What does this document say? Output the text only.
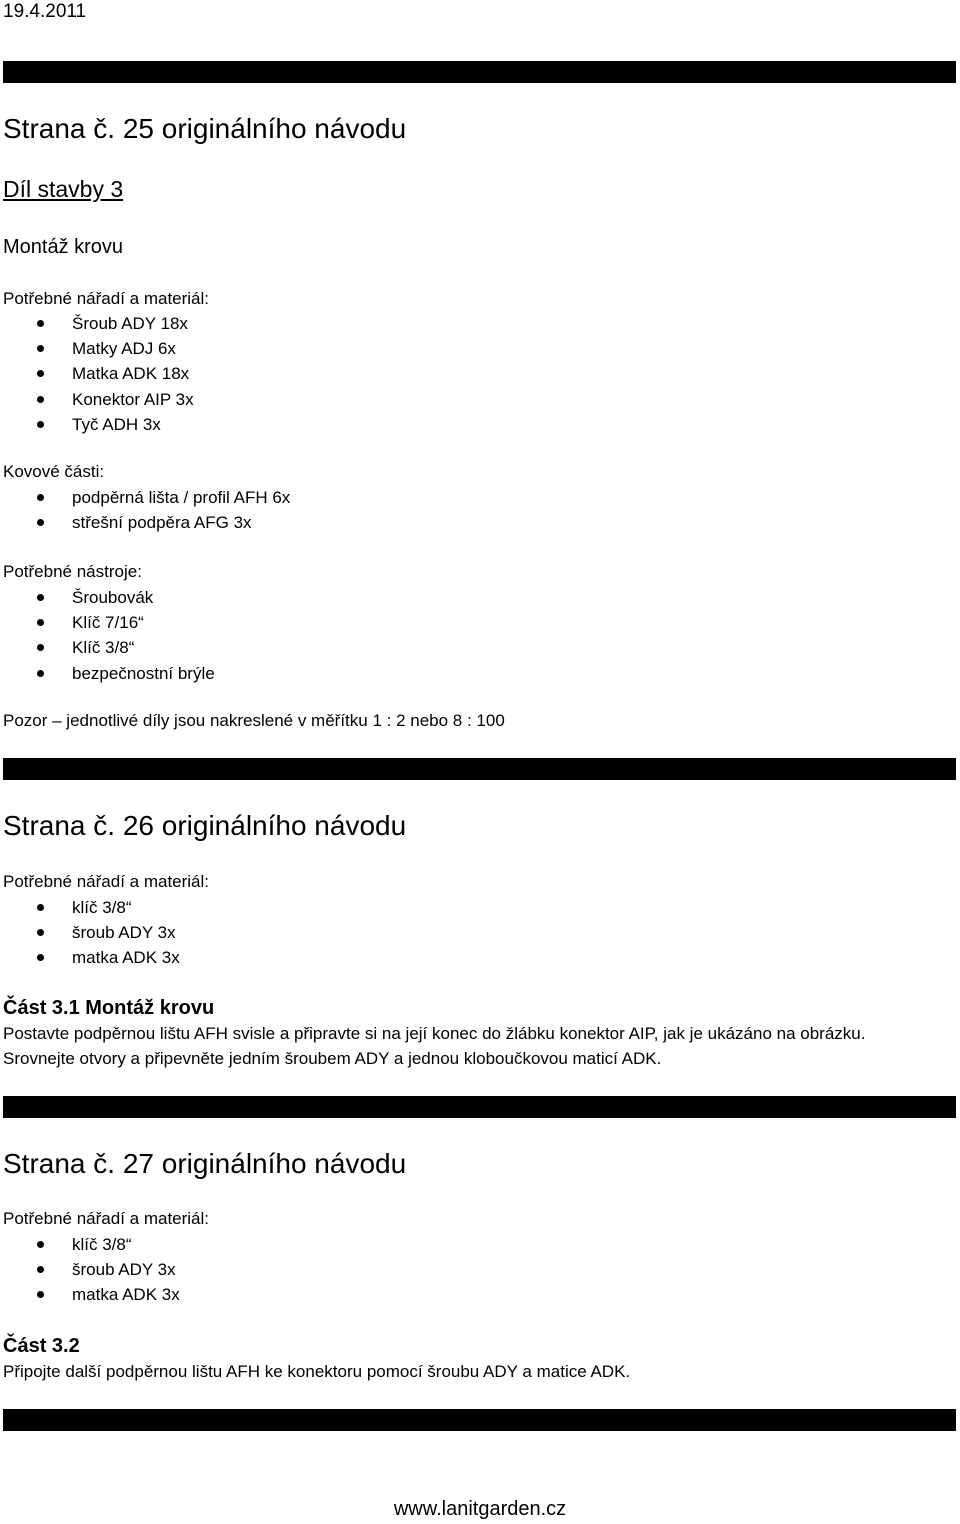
19.4.2011
Strana č. 25 originálního návodu
Díl stavby 3
Montáž krovu
Potřebné nářadí a materiál:
Šroub ADY 18x
Matky ADJ 6x
Matka ADK 18x
Konektor AIP 3x
Tyč ADH 3x
Kovové části:
podpěrná lišta / profil AFH 6x
střešní podpěra AFG 3x
Potřebné nástroje:
Šroubovák
Klíč 7/16“
Klíč 3/8“
bezpečnostní brýle
Pozor – jednotlivé díly jsou nakreslené v měřítku 1 : 2 nebo 8 : 100
Strana č. 26 originálního návodu
Potřebné nářadí a materiál:
klíč 3/8“
šroub ADY 3x
matka ADK 3x
Část 3.1 Montáž krovu
Postavte podpěrnou lištu AFH svisle a připravte si na její konec do žlábku konektor AIP, jak je ukázáno na obrázku.
Srovnejte otvory a připevněte jedním šroubem ADY a jednou kloboučkovou maticí ADK.
Strana č. 27 originálního návodu
Potřebné nářadí a materiál:
klíč 3/8“
šroub ADY 3x
matka ADK 3x
Část 3.2
Připojte další podpěrnou lištu AFH ke konektoru pomocí šroubu ADY a matice ADK.
www.lanitgarden.cz
